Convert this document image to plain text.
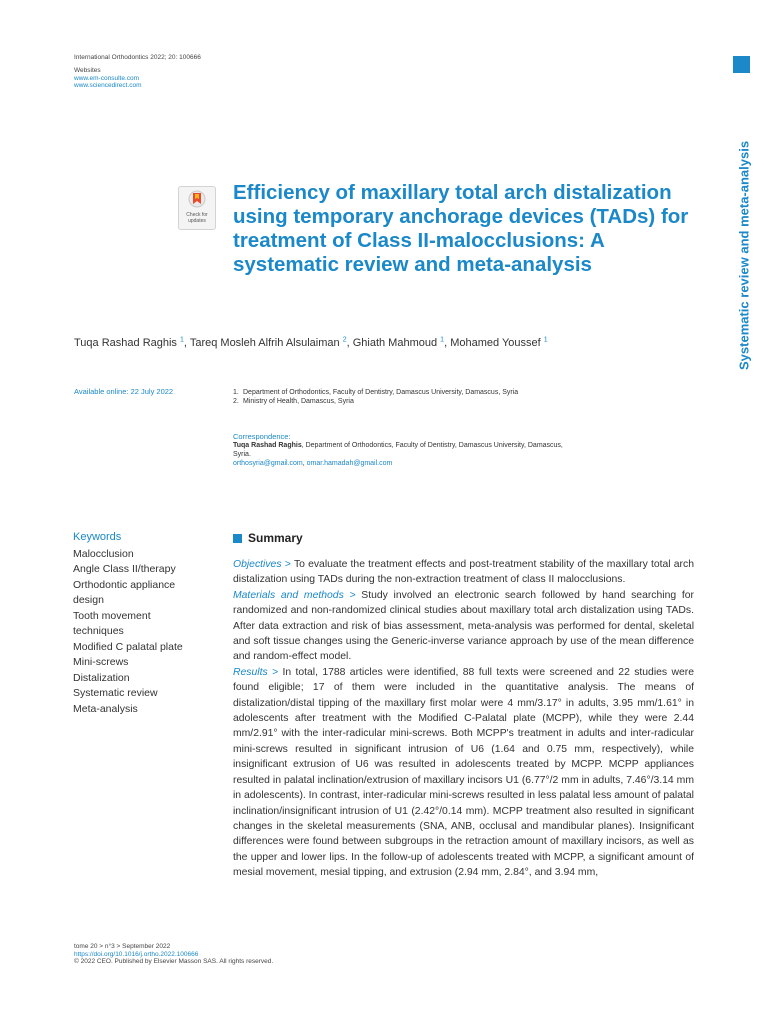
International Orthodontics 2022; 20: 100666
Websites
www.em-consulte.com
www.sciencedirect.com
Systematic review and meta-analysis
Check for
updates
Efficiency of maxillary total arch distalization using temporary anchorage devices (TADs) for treatment of Class II-malocclusions: A systematic review and meta-analysis
Tuqa Rashad Raghis $^1$, Tareq Mosleh Alfrih Alsulaiman $^2$, Ghiath Mahmoud $^1$, Mohamed Youssef $^1$
Available online: 22 July 2022	1. Department of Orthodontics, Faculty of Dentistry, Damascus University, Damascus, Syria
2. Ministry of Health, Damascus, Syria
Correspondence:
Tuqa Rashad Raghis, Department of Orthodontics, Faculty of Dentistry, Damascus University, Damascus, Syria.
orthosyria@gmail.com, omar.hamadah@gmail.com
Keywords
Malocclusion
Angle Class II/therapy
Orthodontic appliance design
Tooth movement techniques
Modified C palatal plate
Mini-screws
Distalization
Systematic review
Meta-analysis
Summary

Objectives > To evaluate the treatment effects and post-treatment stability of the maxillary total arch distalization using TADs during the non-extraction treatment of class II malocclusions.

Materials and methods > Study involved an electronic search followed by hand searching for randomized and non-randomized clinical studies about maxillary total arch distalization using TADs. After data extraction and risk of bias assessment, meta-analysis was performed for dental, skeletal and soft tissue changes using the Generic-inverse variance approach by use of the mean difference and random-effect model.

Results > In total, 1788 articles were identified, 88 full texts were screened and 22 studies were found eligible; 17 of them were included in the quantitative analysis. The means of distalization/distal tipping of the maxillary first molar were 4 mm/3.17° in adults, 3.95 mm/1.61° in adolescents after treatment with the Modified C-Palatal plate (MCPP), while they were 2.44 mm/2.91° with the inter-radicular mini-screws. Both MCPP's treatment in adults and inter-radicular mini-screws resulted in significant intrusion of U6 (1.64 and 0.75 mm, respectively), while insignificant extrusion of U6 was resulted in adolescents treated by MCPP. MCPP appliances resulted in palatal inclination/extrusion of maxillary incisors U1 (6.77°/2 mm in adults, 7.46°/3.14 mm in adolescents). In contrast, inter-radicular mini-screws resulted in less palatal less amount of palatal inclination/insignificant intrusion of U1 (2.42°/0.14 mm). MCPP treatment also resulted in significant changes in the skeletal measurements (SNA, ANB, occlusal and mandibular planes). Insignificant differences were found between subgroups in the retraction amount of maxillary incisors, as well as the upper and lower lips. In the follow-up of adolescents treated with MCPP, a significant amount of mesial movement, mesial tipping, and extrusion (2.94 mm, 2.84°, and 3.94 mm,

tome 20 > n°3 > September 2022
https://doi.org/10.1016/j.ortho.2022.100666
© 2022 CEO. Published by Elsevier Masson SAS. All rights reserved.
